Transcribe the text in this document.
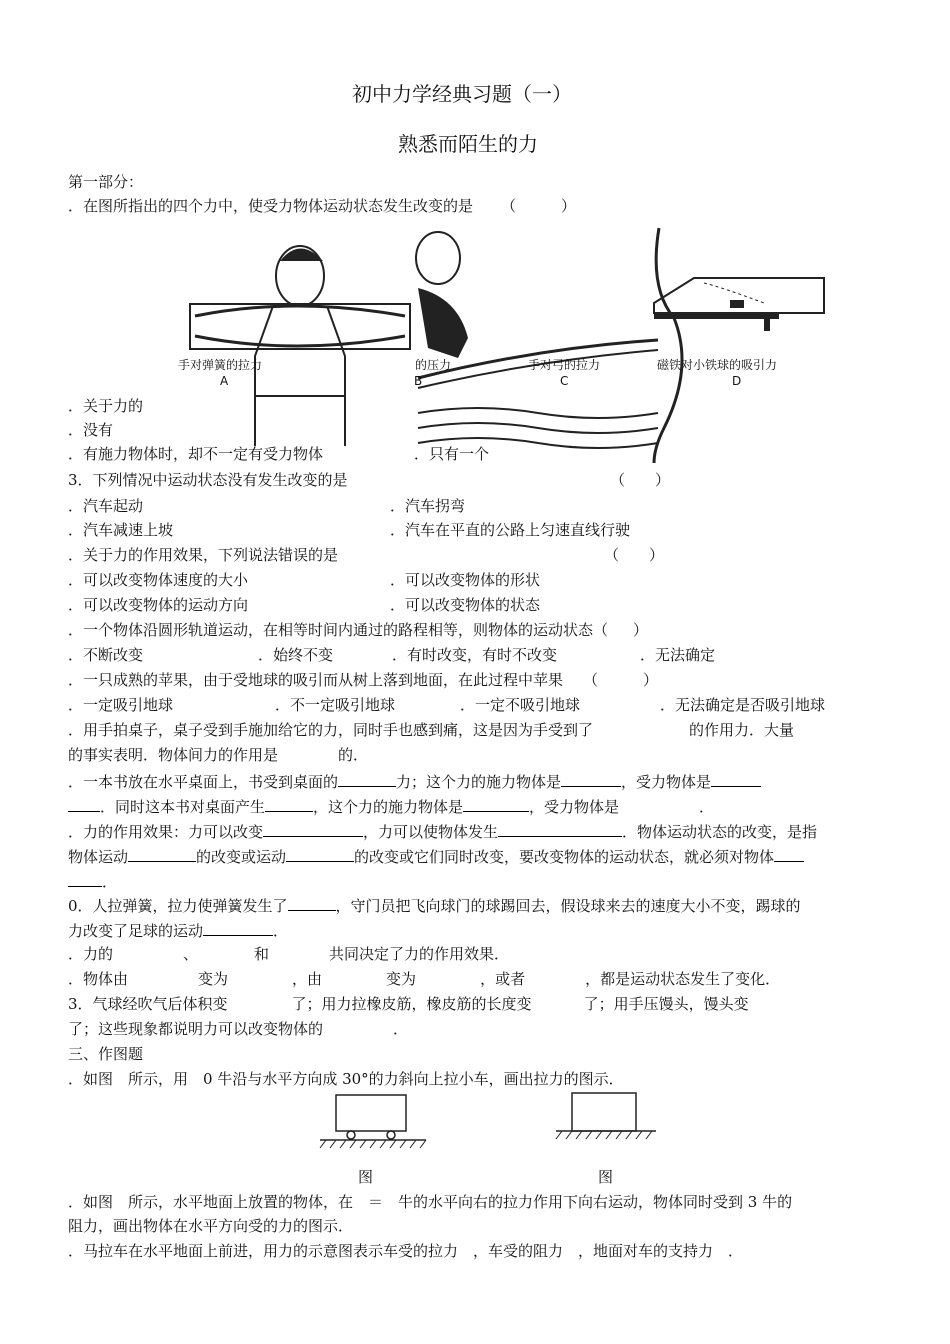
初中力学经典习题（一）
熟悉而陌生的力
第一部分：
．在图所指出的四个力中，使受力物体运动状态发生改变的是 （　　　）
手对弹簧的拉力
A
的压力
B
手对弓的拉力
C
磁铁对小铁球的吸引力
D
．关于力的
．没有
．有施力物体时，却不一定有受力物体	．只有一个
3．下列情况中运动状态没有发生改变的是	（　　）
．汽车起动	．汽车拐弯
．汽车减速上坡	．汽车在平直的公路上匀速直线行驶
．关于力的作用效果，下列说法错误的是	（　　）
．可以改变物体速度的大小	．可以改变物体的形状
．可以改变物体的运动方向	．可以改变物体的状态
．一个物体沿圆形轨道运动，在相等时间内通过的路程相等，则物体的运动状态（　）
．不断改变	．始终不变	．有时改变，有时不改变	．无法确定
．一只成熟的苹果，由于受地球的吸引而从树上落到地面，在此过程中苹果 （　　　）
．一定吸引地球	．不一定吸引地球	．一定不吸引地球	．无法确定是否吸引地球
．用手拍桌子，桌子受到手施加给它的力，同时手也感到痛，这是因为手受到了	的作用力．大量
的事实表明．物体间力的作用是	的．
．一本书放在水平桌面上，书受到桌面的	力；这个力的施力物体是	，受力物体是
．同时这本书对桌面产生	，这个力的施力物体是	，受力物体是	．
．力的作用效果：力可以改变	，力可以使物体发生	．物体运动状态的改变，是指
物体运动	的改变或运动	的改变或它们同时改变，要改变物体的运动状态，就必须对物体
．
0．人拉弹簧，拉力使弹簧发生了	，守门员把飞向球门的球踢回去，假设球来去的速度大小不变，踢球的
力改变了足球的运动	．
．力的	、	和	共同决定了力的作用效果．
．物体由	变为	，由	变为	，或者	，都是运动状态发生了变化．
3．气球经吹气后体积变	了；用力拉橡皮筋，橡皮筋的长度变	了；用手压馒头，馒头变
了；这些现象都说明力可以改变物体的	．
三、作图题
．如图　所示，用　0 牛沿与水平方向成 30°的力斜向上拉小车，画出拉力的图示．
图	图
．如图　所示，水平地面上放置的物体，在　＝　牛的水平向右的拉力作用下向右运动，物体同时受到 3 牛的
阻力，画出物体在水平方向受的力的图示．
．马拉车在水平地面上前进，用力的示意图表示车受的拉力　，车受的阻力　，地面对车的支持力　．
